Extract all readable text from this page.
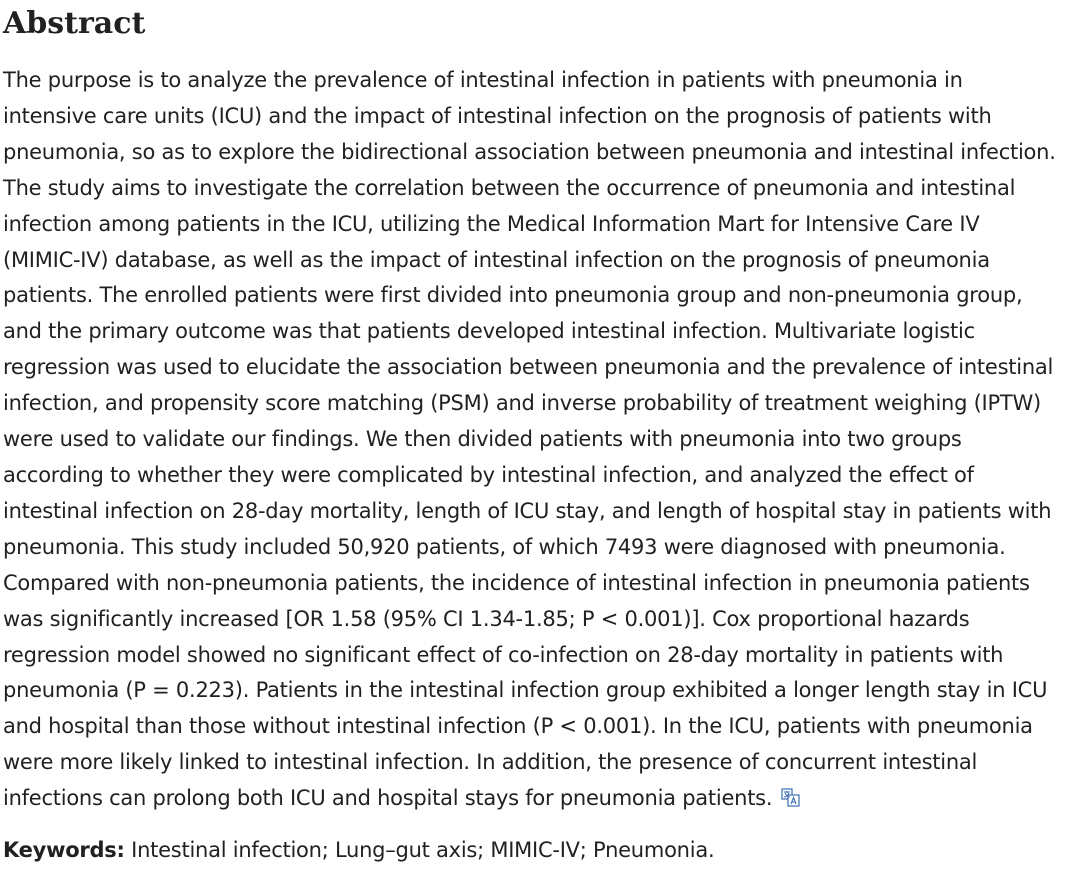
Abstract

The purpose is to analyze the prevalence of intestinal infection in patients with pneumonia in
intensive care units (ICU) and the impact of intestinal infection on the prognosis of patients with
pneumonia, so as to explore the bidirectional association between pneumonia and intestinal infection.
The study aims to investigate the correlation between the occurrence of pneumonia and intestinal
infection among patients in the ICU, utilizing the Medical Information Mart for Intensive Care IV
(MIMIC-IV) database, as well as the impact of intestinal infection on the prognosis of pneumonia
patients. The enrolled patients were first divided into pneumonia group and non-pneumonia group,
and the primary outcome was that patients developed intestinal infection. Multivariate logistic
regression was used to elucidate the association between pneumonia and the prevalence of intestinal
infection, and propensity score matching (PSM) and inverse probability of treatment weighing (IPTW)
were used to validate our findings. We then divided patients with pneumonia into two groups
according to whether they were complicated by intestinal infection, and analyzed the effect of
intestinal infection on 28-day mortality, length of ICU stay, and length of hospital stay in patients with
pneumonia. This study included 50,920 patients, of which 7493 were diagnosed with pneumonia.
Compared with non-pneumonia patients, the incidence of intestinal infection in pneumonia patients
was significantly increased [OR 1.58 (95% CI 1.34-1.85; P < 0.001)]. Cox proportional hazards
regression model showed no significant effect of co-infection on 28-day mortality in patients with
pneumonia (P = 0.223). Patients in the intestinal infection group exhibited a longer length stay in ICU
and hospital than those without intestinal infection (P < 0.001). In the ICU, patients with pneumonia
were more likely linked to intestinal infection. In addition, the presence of concurrent intestinal
infections can prolong both ICU and hospital stays for pneumonia patients.

Keywords: Intestinal infection; Lung–gut axis; MIMIC-IV; Pneumonia.
